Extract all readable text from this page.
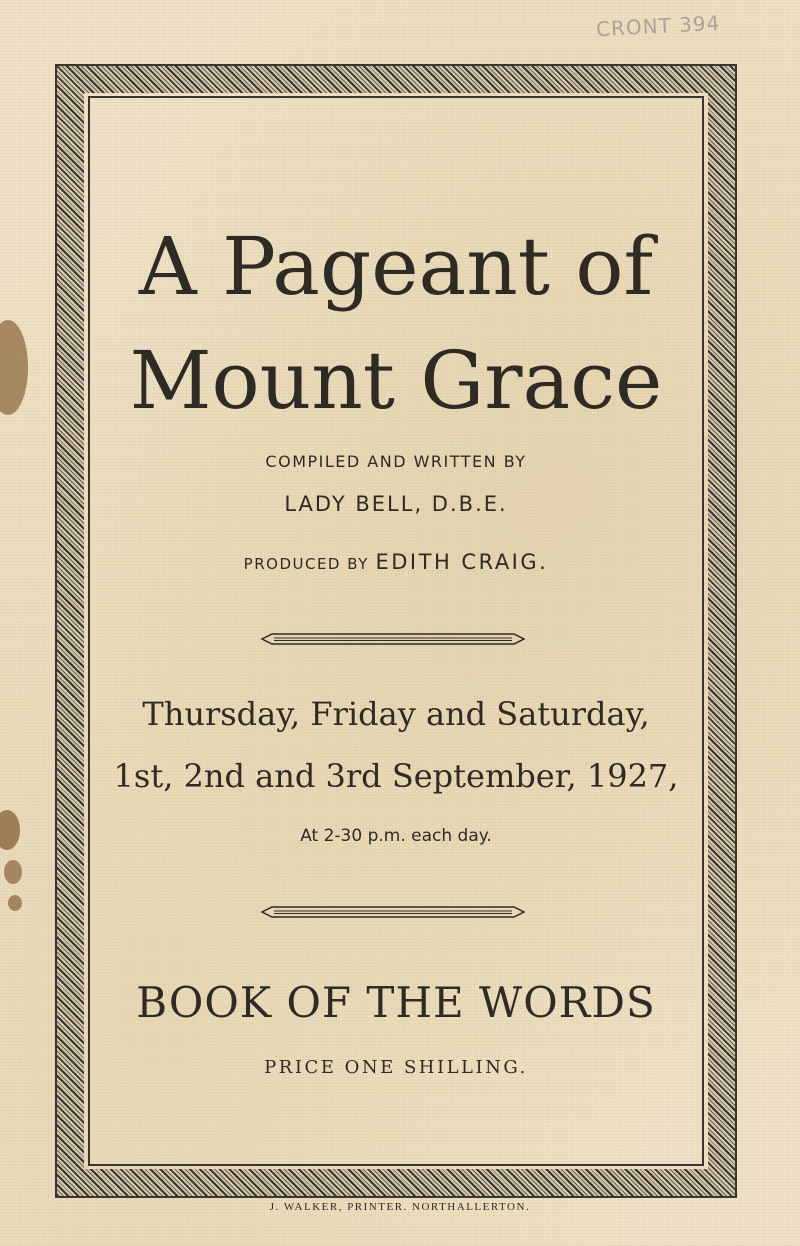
CRONT 394
A Pageant of
Mount Grace
COMPILED AND WRITTEN BY
LADY BELL, D.B.E.
PRODUCED BY EDITH CRAIG.
Thursday, Friday and Saturday,
1st, 2nd and 3rd September, 1927,
At 2-30 p.m. each day.
BOOK OF THE WORDS
PRICE ONE SHILLING.
J. WALKER, PRINTER. NORTHALLERTON.
